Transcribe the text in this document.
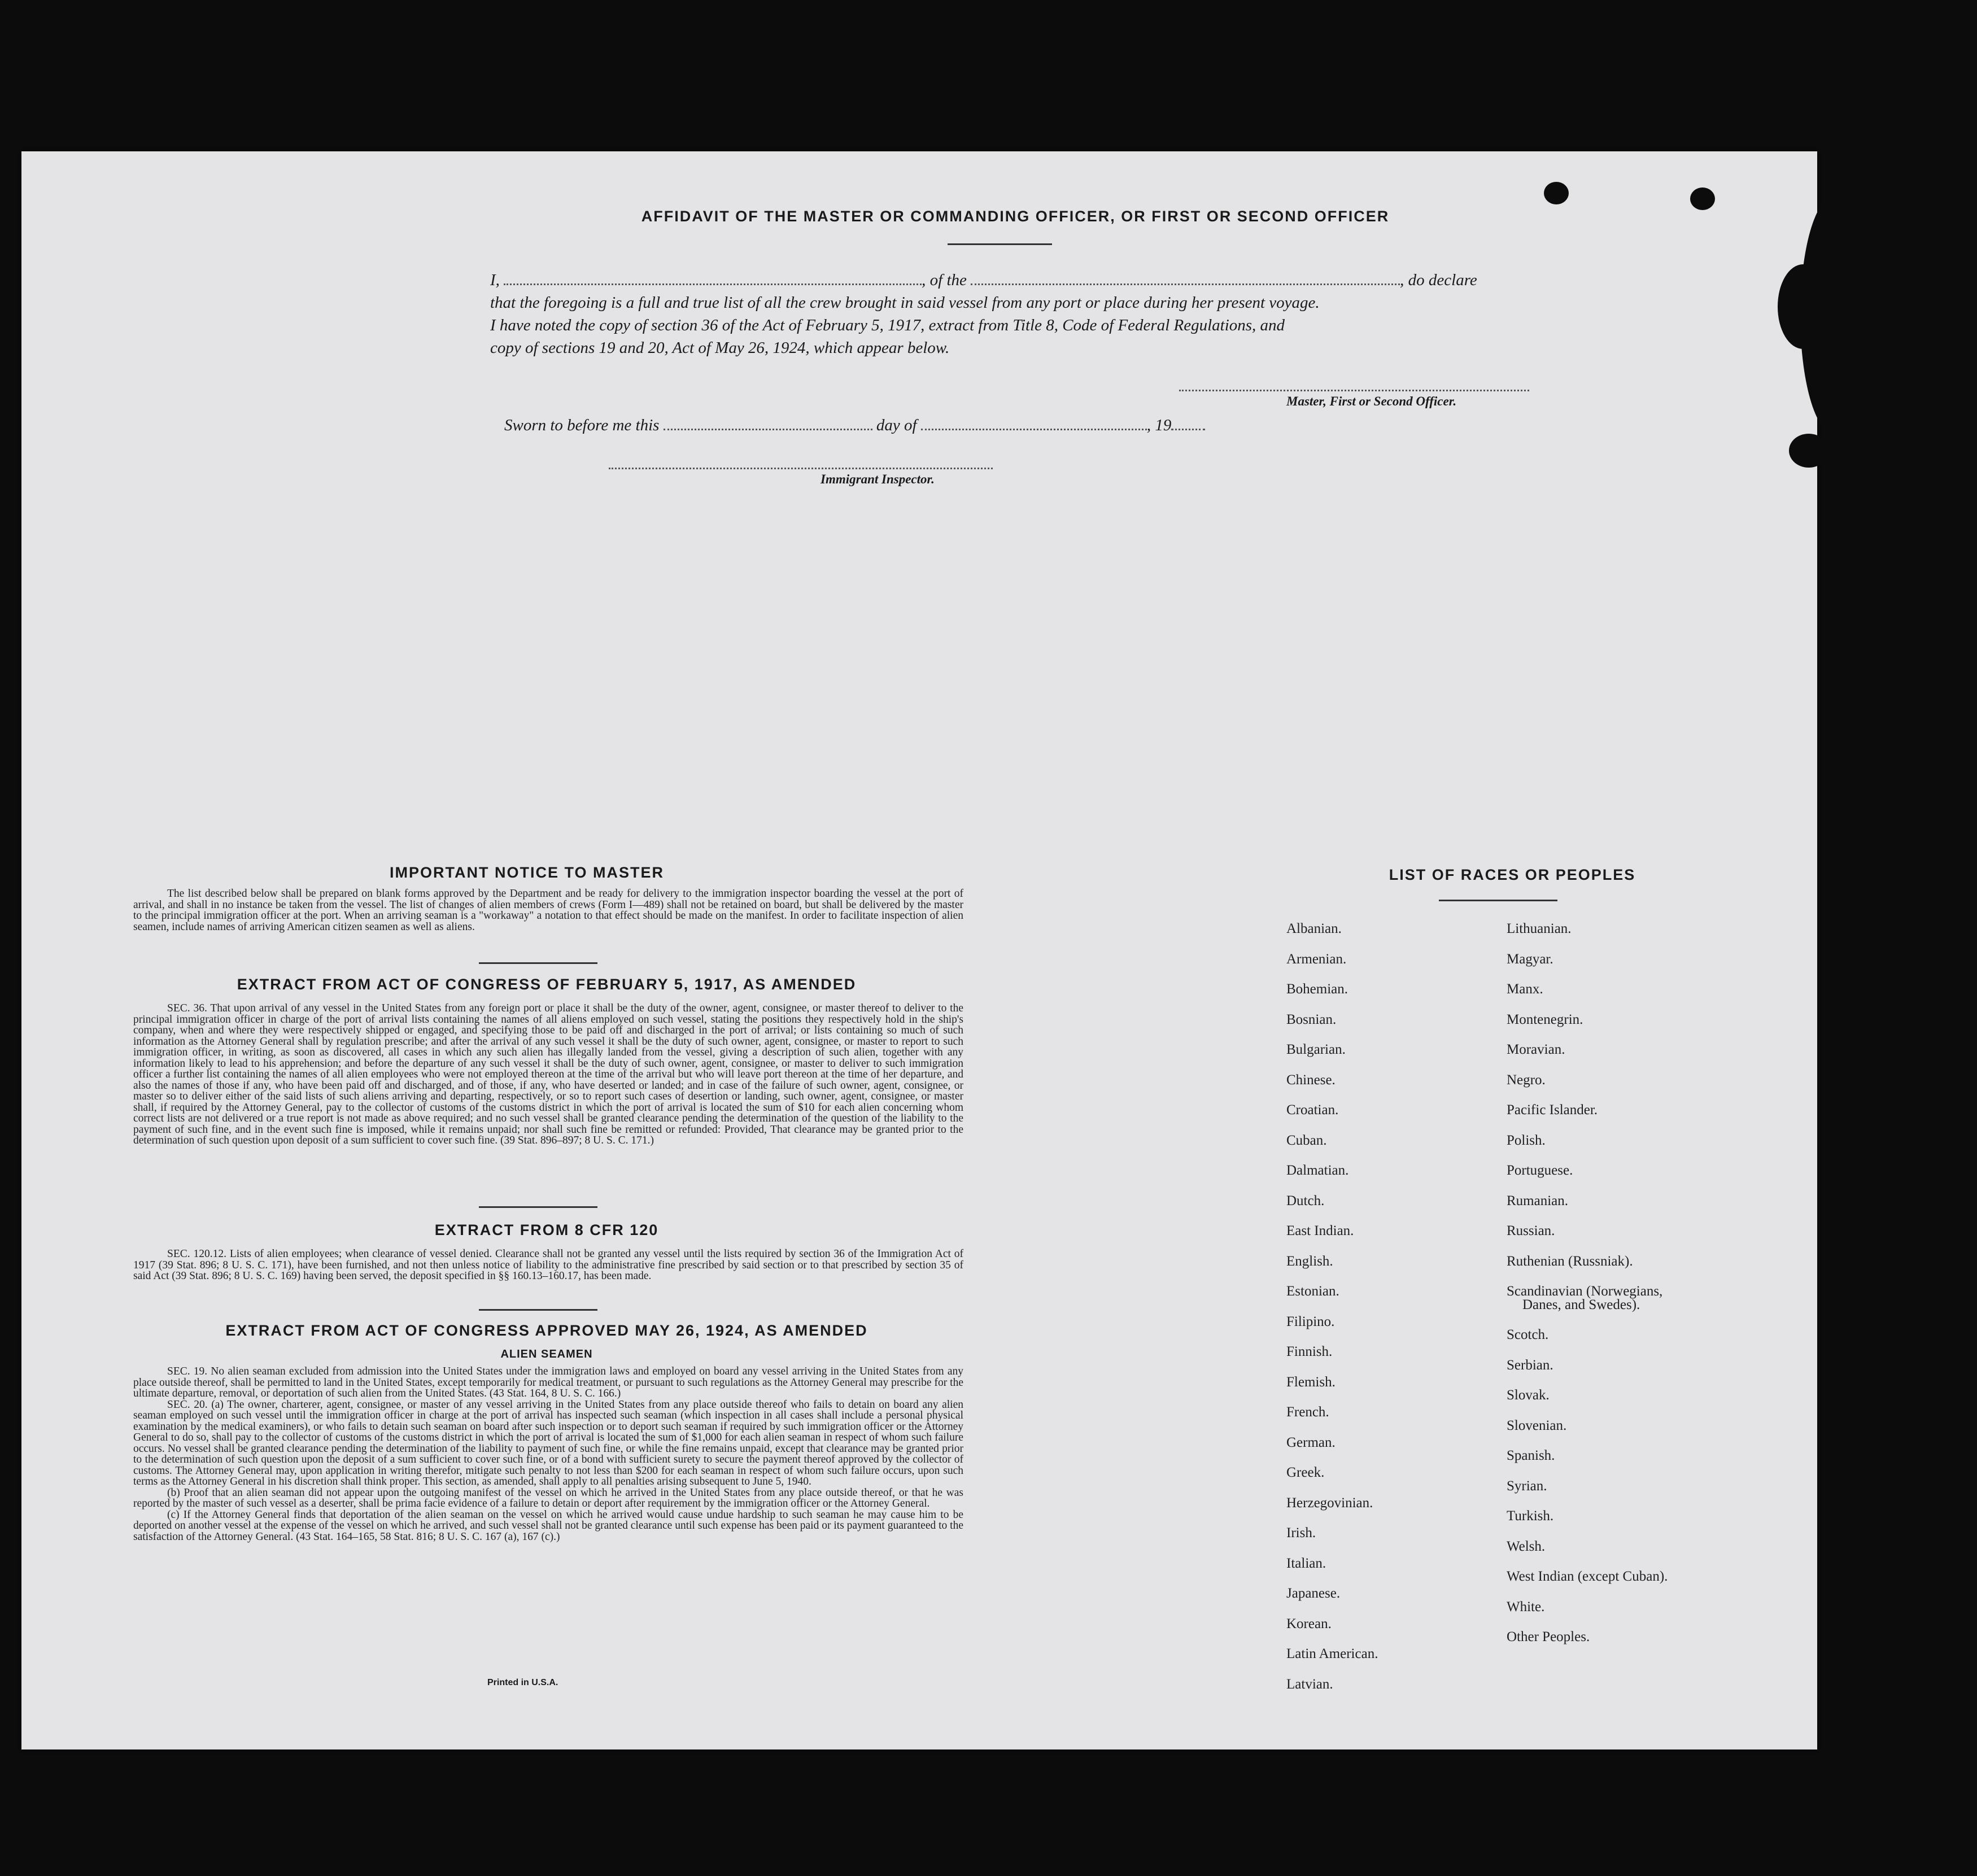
AFFIDAVIT OF THE MASTER OR COMMANDING OFFICER, OR FIRST OR SECOND OFFICER
I,	, of the	, do declare
that the foregoing is a full and true list of all the crew brought in said vessel from any port or place during her present voyage.
I have noted the copy of section 36 of the Act of February 5, 1917, extract from Title 8, Code of Federal Regulations, and
copy of sections 19 and 20, Act of May 26, 1924, which appear below.
Master, First or Second Officer.
Sworn to before me this	day of	, 19
Immigrant Inspector.
IMPORTANT NOTICE TO MASTER

The list described below shall be prepared on blank forms approved by the Department and be ready for delivery to the immigration inspector boarding the vessel at the port of arrival, and shall in no instance be taken from the vessel. The list of changes of alien members of crews (Form I—489) shall not be retained on board, but shall be delivered by the master to the principal immigration officer at the port. When an arriving seaman is a "workaway" a notation to that effect should be made on the manifest. In order to facilitate inspection of alien seamen, include names of arriving American citizen seamen as well as aliens.

EXTRACT FROM ACT OF CONGRESS OF FEBRUARY 5, 1917, AS AMENDED

SEC. 36. That upon arrival of any vessel in the United States from any foreign port or place it shall be the duty of the owner, agent, consignee, or master thereof to deliver to the principal immigration officer in charge of the port of arrival lists containing the names of all aliens employed on such vessel, stating the positions they respectively hold in the ship's company, when and where they were respectively shipped or engaged, and specifying those to be paid off and discharged in the port of arrival; or lists containing so much of such information as the Attorney General shall by regulation prescribe; and after the arrival of any such vessel it shall be the duty of such owner, agent, consignee, or master to report to such immigration officer, in writing, as soon as discovered, all cases in which any such alien has illegally landed from the vessel, giving a description of such alien, together with any information likely to lead to his apprehension; and before the departure of any such vessel it shall be the duty of such owner, agent, consignee, or master to deliver to such immigration officer a further list containing the names of all alien employees who were not employed thereon at the time of the arrival but who will leave port thereon at the time of her departure, and also the names of those if any, who have been paid off and discharged, and of those, if any, who have deserted or landed; and in case of the failure of such owner, agent, consignee, or master so to deliver either of the said lists of such aliens arriving and departing, respectively, or so to report such cases of desertion or landing, such owner, agent, consignee, or master shall, if required by the Attorney General, pay to the collector of customs of the customs district in which the port of arrival is located the sum of $10 for each alien concerning whom correct lists are not delivered or a true report is not made as above required; and no such vessel shall be granted clearance pending the determination of the question of the liability to the payment of such fine, and in the event such fine is imposed, while it remains unpaid; nor shall such fine be remitted or refunded: Provided, That clearance may be granted prior to the determination of such question upon deposit of a sum sufficient to cover such fine. (39 Stat. 896–897; 8 U. S. C. 171.)

EXTRACT FROM 8 CFR 120

SEC. 120.12. Lists of alien employees; when clearance of vessel denied. Clearance shall not be granted any vessel until the lists required by section 36 of the Immigration Act of 1917 (39 Stat. 896; 8 U. S. C. 171), have been furnished, and not then unless notice of liability to the administrative fine prescribed by said section or to that prescribed by section 35 of said Act (39 Stat. 896; 8 U. S. C. 169) having been served, the deposit specified in §§ 160.13–160.17, has been made.

EXTRACT FROM ACT OF CONGRESS APPROVED MAY 26, 1924, AS AMENDED
ALIEN SEAMEN

SEC. 19. No alien seaman excluded from admission into the United States under the immigration laws and employed on board any vessel arriving in the United States from any place outside thereof, shall be permitted to land in the United States, except temporarily for medical treatment, or pursuant to such regulations as the Attorney General may prescribe for the ultimate departure, removal, or deportation of such alien from the United States. (43 Stat. 164, 8 U. S. C. 166.)

SEC. 20. (a) The owner, charterer, agent, consignee, or master of any vessel arriving in the United States from any place outside thereof who fails to detain on board any alien seaman employed on such vessel until the immigration officer in charge at the port of arrival has inspected such seaman (which inspection in all cases shall include a personal physical examination by the medical examiners), or who fails to detain such seaman on board after such inspection or to deport such seaman if required by such immigration officer or the Attorney General to do so, shall pay to the collector of customs of the customs district in which the port of arrival is located the sum of $1,000 for each alien seaman in respect of whom such failure occurs. No vessel shall be granted clearance pending the determination of the liability to payment of such fine, or while the fine remains unpaid, except that clearance may be granted prior to the determination of such question upon the deposit of a sum sufficient to cover such fine, or of a bond with sufficient surety to secure the payment thereof approved by the collector of customs. The Attorney General may, upon application in writing therefor, mitigate such penalty to not less than $200 for each seaman in respect of whom such failure occurs, upon such terms as the Attorney General in his discretion shall think proper. This section, as amended, shall apply to all penalties arising subsequent to June 5, 1940.

(b) Proof that an alien seaman did not appear upon the outgoing manifest of the vessel on which he arrived in the United States from any place outside thereof, or that he was reported by the master of such vessel as a deserter, shall be prima facie evidence of a failure to detain or deport after requirement by the immigration officer or the Attorney General.

(c) If the Attorney General finds that deportation of the alien seaman on the vessel on which he arrived would cause undue hardship to such seaman he may cause him to be deported on another vessel at the expense of the vessel on which he arrived, and such vessel shall not be granted clearance until such expense has been paid or its payment guaranteed to the satisfaction of the Attorney General. (43 Stat. 164–165, 58 Stat. 816; 8 U. S. C. 167 (a), 167 (c).)

Printed in U.S.A.
LIST OF RACES OR PEOPLES
Albanian.
Armenian.
Bohemian.
Bosnian.
Bulgarian.
Chinese.
Croatian.
Cuban.
Dalmatian.
Dutch.
East Indian.
English.
Estonian.
Filipino.
Finnish.
Flemish.
French.
German.
Greek.
Herzegovinian.
Irish.
Italian.
Japanese.
Korean.
Latin American.
Latvian.
Lithuanian.
Magyar.
Manx.
Montenegrin.
Moravian.
Negro.
Pacific Islander.
Polish.
Portuguese.
Rumanian.
Russian.
Ruthenian (Russniak).
Scandinavian (Norwegians,
Danes, and Swedes).
Scotch.
Serbian.
Slovak.
Slovenian.
Spanish.
Syrian.
Turkish.
Welsh.
West Indian (except Cuban).
White.
Other Peoples.
